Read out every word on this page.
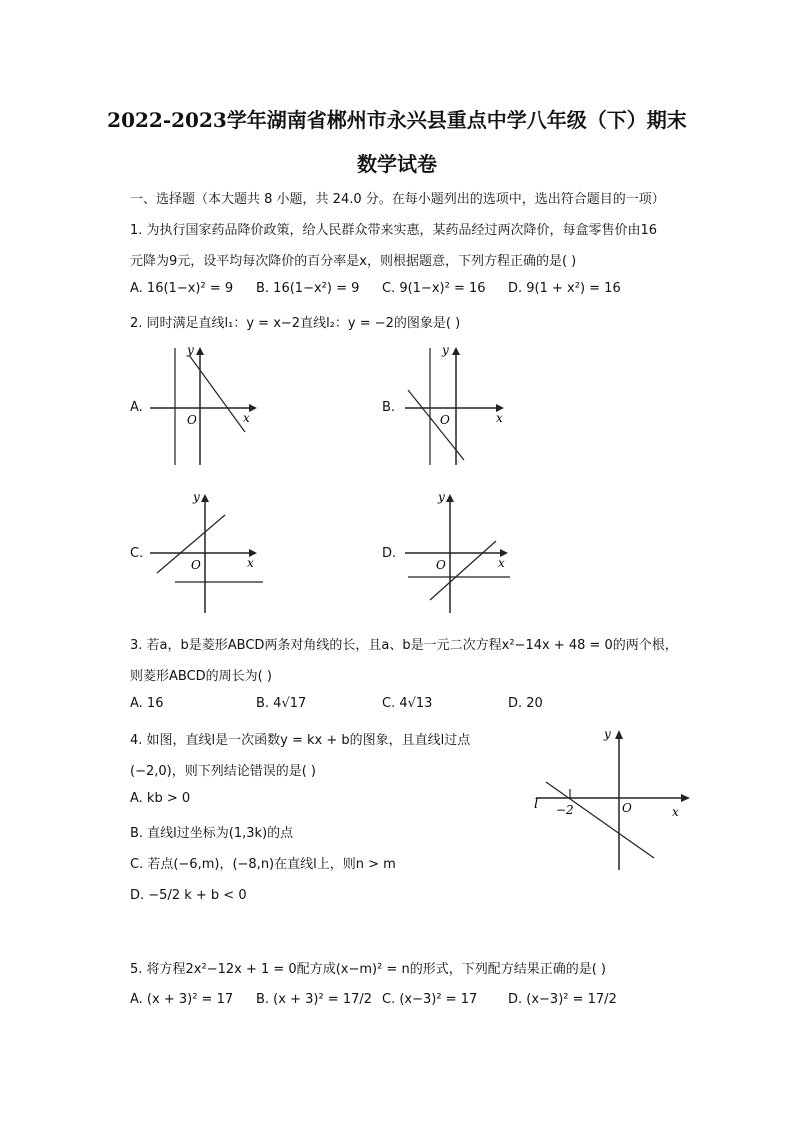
2022-2023学年湖南省郴州市永兴县重点中学八年级（下）期末
数学试卷
一、选择题（本大题共 8 小题，共 24.0 分。在每小题列出的选项中，选出符合题目的一项）
1. 为执行国家药品降价政策，给人民群众带来实惠，某药品经过两次降价，每盒零售价由16
元降为9元，设平均每次降价的百分率是x，则根据题意，下列方程正确的是( )
A. 16(1−x)² = 9 B. 16(1−x²) = 9 C. 9(1−x)² = 16 D. 9(1 + x²) = 16
2. 同时满足直线l₁：y = x−2直线l₂：y = −2的图象是( )
A.
y
x
O
B.
y
x
O
C.
y
x
O
D.
y
x
O
3. 若a，b是菱形ABCD两条对角线的长，且a、b是一元二次方程x²−14x + 48 = 0的两个根，
则菱形ABCD的周长为( )
A. 16	B. 4√17	C. 4√13	D. 20
4. 如图，直线l是一次函数y = kx + b的图象，且直线l过点
(−2,0)，则下列结论错误的是( )
A. kb > 0
B. 直线l过坐标为(1,3k)的点
C. 若点(−6,m)，(−8,n)在直线l上，则n > m
D. −5/2 k + b < 0
l −2	O	x
y
5. 将方程2x²−12x + 1 = 0配方成(x−m)² = n的形式，下列配方结果正确的是( )
A. (x + 3)² = 17 B. (x + 3)² = 17/2 C. (x−3)² = 17 D. (x−3)² = 17/2
